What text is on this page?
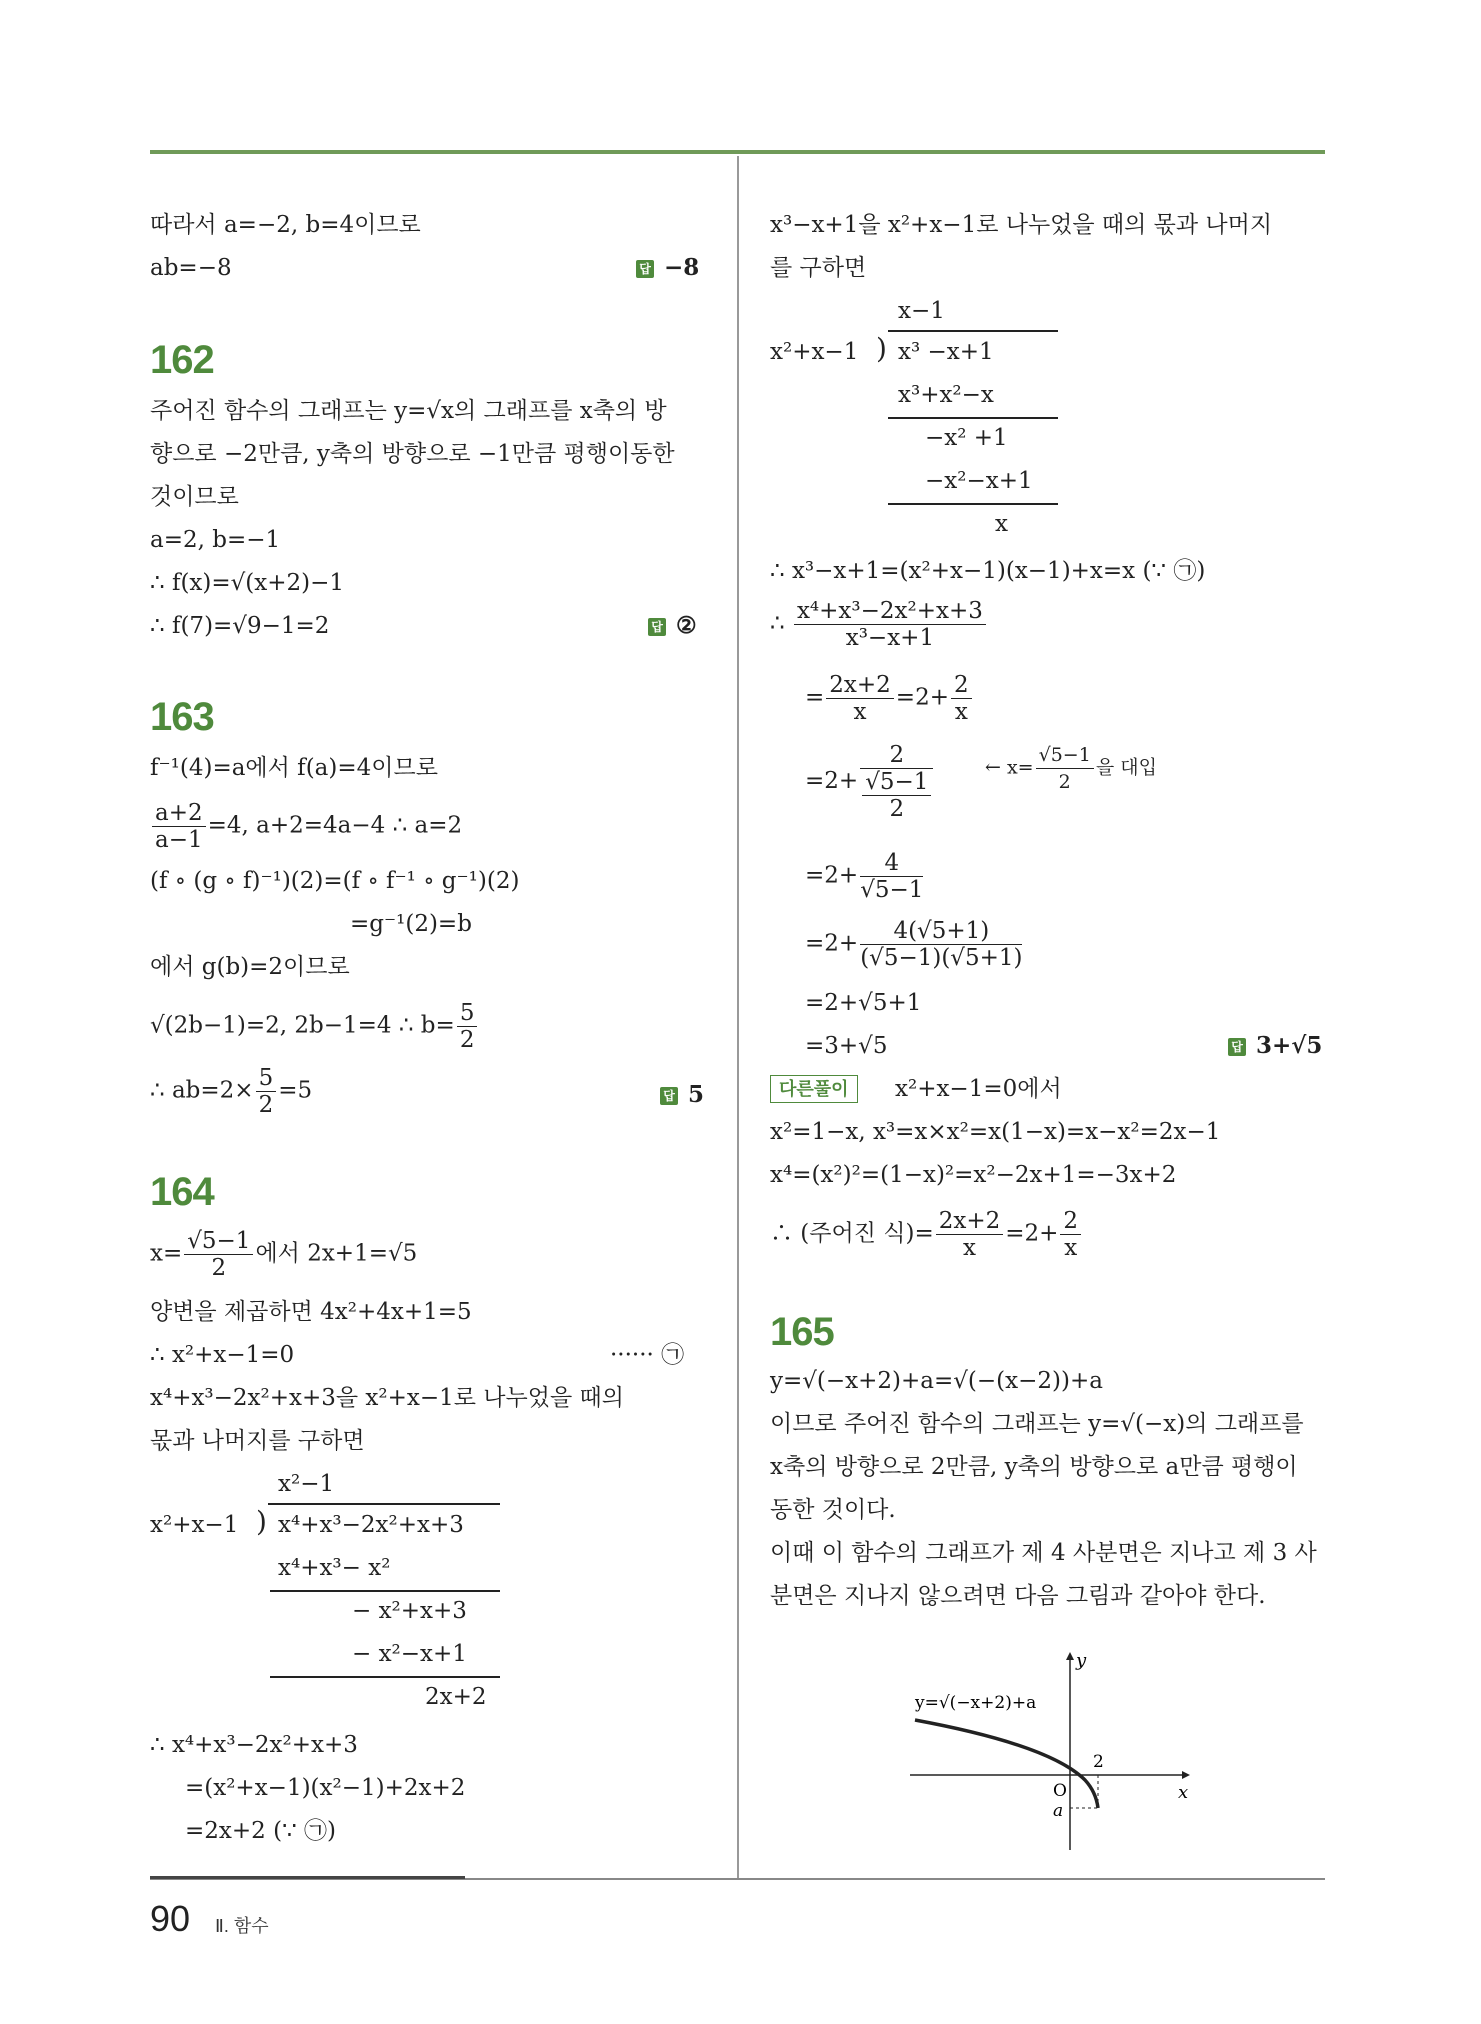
따라서 a=−2, b=4이므로
ab=−8	답 −8
162
주어진 함수의 그래프는 y=√x의 그래프를 x축의 방
향으로 −2만큼, y축의 방향으로 −1만큼 평행이동한
것이므로
a=2, b=−1
∴ f(x)=√(x+2)−1
∴ f(7)=√9−1=2	답 ②
163
f⁻¹(4)=a에서 f(a)=4이므로
$\frac{a+2}{a-1} =4$, a+2=4a−4 ∴ a=2
(f ∘ (g ∘ f)⁻¹)(2)=(f ∘ f⁻¹ ∘ g⁻¹)(2)
=g⁻¹(2)=b
에서 g(b)=2이므로
√(2b−1)=2, 2b−1=4 ∴ $b= \frac{5}{2}$
∴ $ab=2\times \frac{5}{2} =5$	답 5
164
$x= \frac{√5-1}{2}$ 에서 2x+1=√5
양변을 제곱하면 4x²+4x+1=5
∴ x²+x−1=0	······ ㉠
x⁴+x³−2x²+x+3을 x²+x−1로 나누었을 때의
몫과 나머지를 구하면
x²−1
x²+x−1 ) x⁴+x³−2x²+x+3
x⁴+x³− x²
− x²+x+3
− x²−x+1
2x+2
∴ x⁴+x³−2x²+x+3
=(x²+x−1)(x²−1)+2x+2
=2x+2 (∵ ㉠)
x³−x+1을 x²+x−1로 나누었을 때의 몫과 나머지
를 구하면
x−1
x²+x−1 ) x³ −x+1
x³+x²−x
−x² +1
−x²−x+1
x
∴ x³−x+1=(x²+x−1)(x−1)+x=x (∵ ㉠)
∴ $\frac{\text{x⁴+x³−2x²+x+3}}{\text{x³−x+1}}$
= $\frac{2x+2}{x} =2+ \frac{2}{x}$
$=2+ \frac{2}{\frac{√5-1}{2}}$	← $x= \frac{√5-1}{2}$ 을 대입
$=2+ \frac{4}{√5-1}$
$=2+ \frac{4(√5+1)}{(√5-1)(√5+1)}$
=2+√5+1
=3+√5	답 3+√5
다른풀이	x²+x−1=0에서
x²=1−x, x³=x×x²=x(1−x)=x−x²=2x−1
x⁴=(x²)²=(1−x)²=x²−2x+1=−3x+2
∴ (주어진 식)= $\frac{2x+2}{x} =2+ \frac{2}{x}$
165
y=√(−x+2)+a=√(−(x−2))+a
이므로 주어진 함수의 그래프는 y=√(−x)의 그래프를
x축의 방향으로 2만큼, y축의 방향으로 a만큼 평행이
동한 것이다.
이때 이 함수의 그래프가 제 4 사분면은 지나고 제 3 사
분면은 지나지 않으려면 다음 그림과 같아야 한다.
y
x
y=√(−x+2)+a
O
2
a
90 Ⅱ. 함수
